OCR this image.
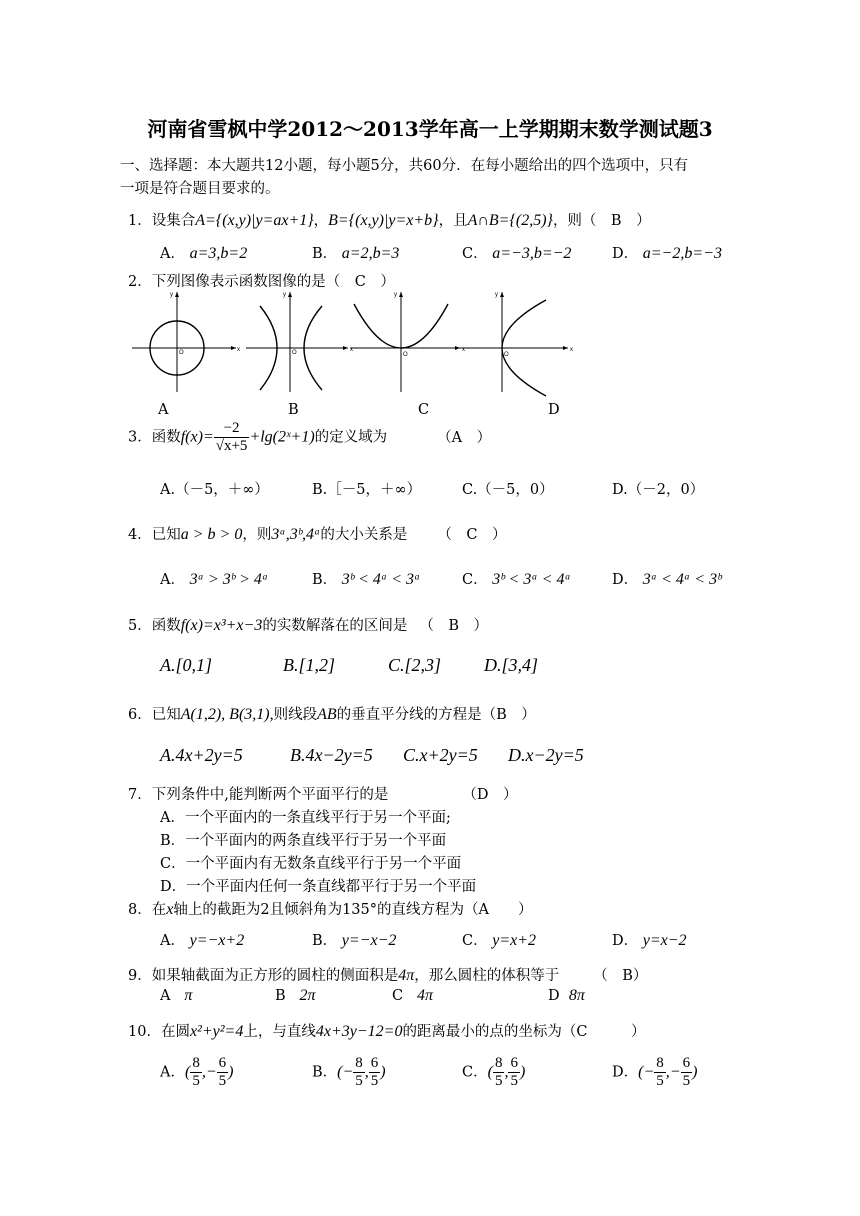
河南省雪枫中学2012～2013学年高一上学期期末数学测试题3
一、选择题：本大题共12小题，每小题5分，共60分．在每小题给出的四个选项中，只有
一项是符合题目要求的。
1．设集合A={(x,y)|y=ax+1}，B={(x,y)|y=x+b}，且A∩B={(2,5)}，则（　B　）
A． a=3,b=2	B． a=2,b=3	C． a=−3,b=−2	D． a=−2,b=−3
2．下列图像表示函数图像的是（　C　）
x
y
O	x
y
O	x
y
O
x
y
O
A	B	C	D
3．函数$f(x)= \frac{-2}{√x+5}$ +lg(2ˣ+1)的定义域为	（A　）
A.（－5，＋∞）	B.［－5，＋∞）	C.（－5，0）	D.（－2，0）
4．已知a > b > 0，则3ᵃ,3ᵇ,4ᵃ的大小关系是 （　C　）
A． 3ᵃ > 3ᵇ > 4ᵃ	B． 3ᵇ < 4ᵃ < 3ᵃ	C． 3ᵇ < 3ᵃ < 4ᵃ	D． 3ᵃ < 4ᵃ < 3ᵇ
5．函数f(x)=x³+x−3的实数解落在的区间是 （　B　）
A.[0,1]	B.[1,2]	C.[2,3] D.[3,4]
6．已知A(1,2), B(3,1),则线段AB的垂直平分线的方程是（B　）
A.4x+2y=5	B.4x−2y=5 C.x+2y=5 D.x−2y=5
7．下列条件中,能判断两个平面平行的是	（D　）
A．一个平面内的一条直线平行于另一个平面;
B．一个平面内的两条直线平行于另一个平面
C．一个平面内有无数条直线平行于另一个平面
D．一个平面内任何一条直线都平行于另一个平面
8．在x轴上的截距为2且倾斜角为135°的直线方程为（A　　）
A． y=−x+2	B． y=−x−2	C． y=x+2	D． y=x−2
9．如果轴截面为正方形的圆柱的侧面积是4π，那么圆柱的体积等于 （　B）
A π	B 2π	C 4π	D 8π
10．在圆x²+y²=4上，与直线4x+3y−12=0的距离最小的点的坐标为（C　　　）
A．( $\frac{8}{5}$ ,− $\frac{6}{5}$ )	B．(− $\frac{8}{5}$ , $\frac{6}{5}$ )	C．( $\frac{8}{5}$ , $\frac{6}{5}$ )	D．(− $\frac{8}{5}$ ,− $\frac{6}{5}$ )
